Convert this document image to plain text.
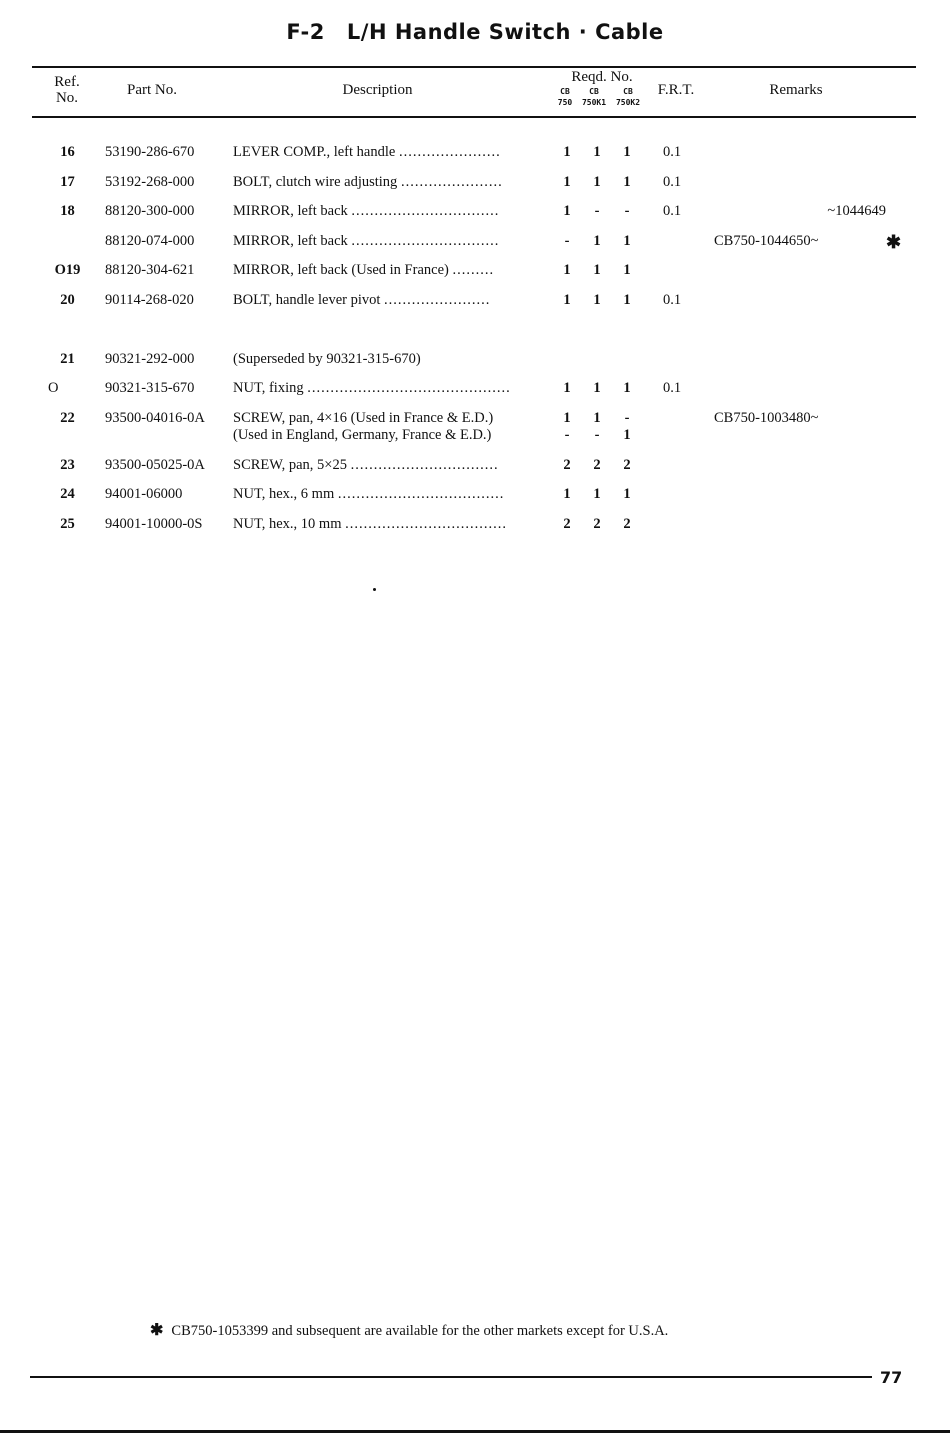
F-2 L/H Handle Switch · Cable
Ref.
No.	Part No.	Description
Reqd. No.
CB
750
CB
750K1
CB
750K2
F.R.T.	Remarks
16	53190-286-670	LEVER COMP., left handle ......................	1	1	1	0.1
17	53192-268-000	BOLT, clutch wire adjusting ......................	1	1	1	0.1
18	88120-300-000	MIRROR, left back ................................	1	-	-	0.1	~1044649
88120-074-000	MIRROR, left back ................................	-	1	1	CB750-1044650~	✱
O19	88120-304-621	MIRROR, left back (Used in France) .........	1	1	1
20	90114-268-020	BOLT, handle lever pivot .......................	1	1	1	0.1
21	90321-292-000	(Superseded by 90321-315-670)
O	90321-315-670	NUT, fixing ............................................	1	1	1	0.1
22	93500-04016-0A SCREW, pan, 4×16 (Used in France & E.D.)	1	1	-	CB750-1003480~
(Used in England, Germany, France & E.D.)	-	-	1
23	93500-05025-0A SCREW, pan, 5×25 ................................	2	2	2
24	94001-06000	NUT, hex., 6 mm ....................................	1	1	1
25	94001-10000-0S NUT, hex., 10 mm ...................................	2	2	2
✱ CB750-1053399 and subsequent are available for the other markets except for U.S.A.
77
